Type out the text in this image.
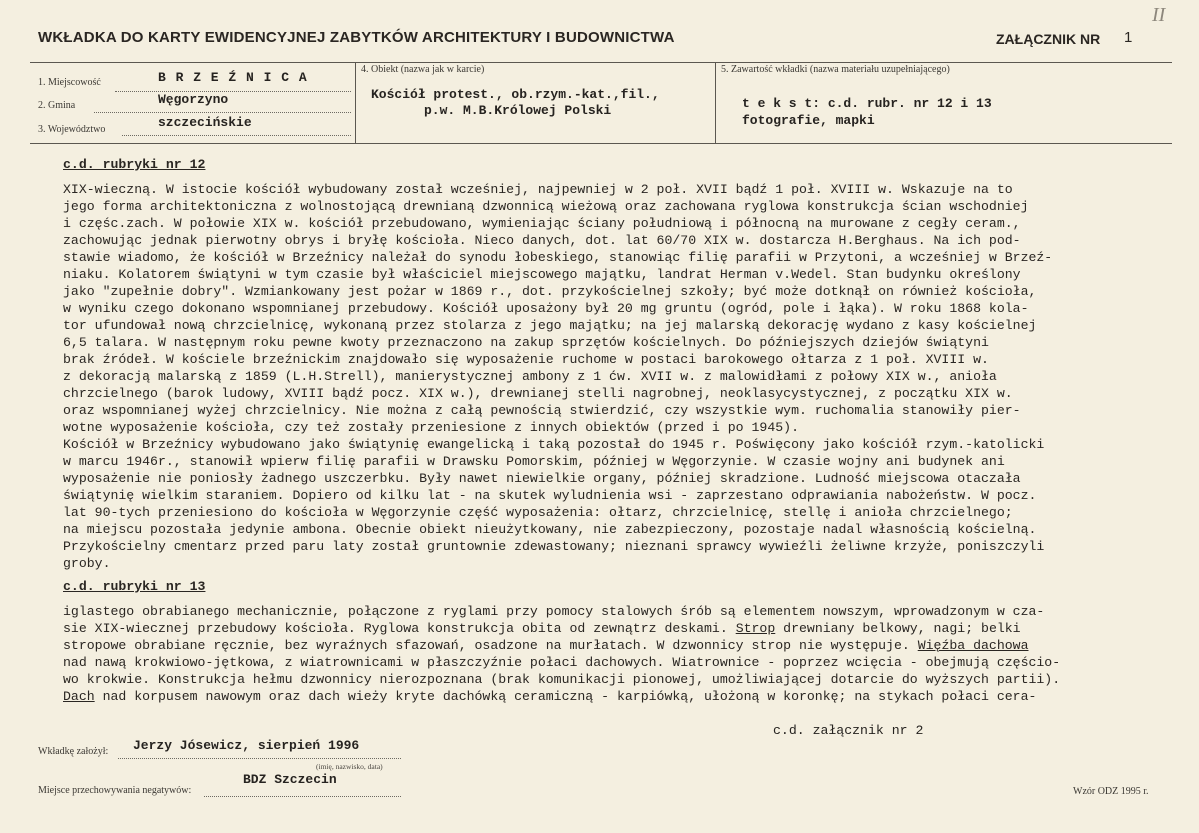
WKŁADKA DO KARTY EWIDENCYJNEJ ZABYTKÓW ARCHITEKTURY I BUDOWNICTWA	ZAŁĄCZNIK NR 1
II
1. Miejscowość	B R Z E Ź N I C A
2. Gmina	Węgorzyno
3. Województwo	szczecińskie
4. Obiekt (nazwa jak w karcie)
Kościół protest., ob.rzym.-kat.,fil.,
p.w. M.B.Królowej Polski
5. Zawartość wkładki (nazwa materiału uzupełniającego)
t e k s t: c.d. rubr. nr 12 i 13
fotografie, mapki
c.d. rubryki nr 12
XIX-wieczną. W istocie kościół wybudowany został wcześniej, najpewniej w 2 poł. XVII bądź 1 poł. XVIII w. Wskazuje na to
jego forma architektoniczna z wolnostojącą drewnianą dzwonnicą wieżową oraz zachowana ryglowa konstrukcja ścian wschodniej
i częśc.zach. W połowie XIX w. kościół przebudowano, wymieniając ściany południową i północną na murowane z cegły ceram.,
zachowując jednak pierwotny obrys i bryłę kościoła. Nieco danych, dot. lat 60/70 XIX w. dostarcza H.Berghaus. Na ich pod-
stawie wiadomo, że kościół w Brzeźnicy należał do synodu łobeskiego, stanowiąc filię parafii w Przytoni, a wcześniej w Brzeź-
niaku. Kolatorem świątyni w tym czasie był właściciel miejscowego majątku, landrat Herman v.Wedel. Stan budynku określony
jako "zupełnie dobry". Wzmiankowany jest pożar w 1869 r., dot. przykościelnej szkoły; być może dotknął on również kościoła,
w wyniku czego dokonano wspomnianej przebudowy. Kościół uposażony był 20 mg gruntu (ogród, pole i łąka). W roku 1868 kola-
tor ufundował nową chrzcielnicę, wykonaną przez stolarza z jego majątku; na jej malarską dekorację wydano z kasy kościelnej
6,5 talara. W następnym roku pewne kwoty przeznaczono na zakup sprzętów kościelnych. Do późniejszych dziejów świątyni
brak źródeł. W kościele brzeźnickim znajdowało się wyposażenie ruchome w postaci barokowego ołtarza z 1 poł. XVIII w.
z dekoracją malarską z 1859 (L.H.Strell), manierystycznej ambony z 1 ćw. XVII w. z malowidłami z połowy XIX w., anioła
chrzcielnego (barok ludowy, XVIII bądź pocz. XIX w.), drewnianej stelli nagrobnej, neoklasycystycznej, z początku XIX w.
oraz wspomnianej wyżej chrzcielnicy. Nie można z całą pewnością stwierdzić, czy wszystkie wym. ruchomalia stanowiły pier-
wotne wyposażenie kościoła, czy też zostały przeniesione z innych obiektów (przed i po 1945).
Kościół w Brzeźnicy wybudowano jako świątynię ewangelicką i taką pozostał do 1945 r. Poświęcony jako kościół rzym.-katolicki
w marcu 1946r., stanowił wpierw filię parafii w Drawsku Pomorskim, później w Węgorzynie. W czasie wojny ani budynek ani
wyposażenie nie poniosły żadnego uszczerbku. Były nawet niewielkie organy, później skradzione. Ludność miejscowa otaczała
świątynię wielkim staraniem. Dopiero od kilku lat - na skutek wyludnienia wsi - zaprzestano odprawiania nabożeństw. W pocz.
lat 90-tych przeniesiono do kościoła w Węgorzynie część wyposażenia: ołtarz, chrzcielnicę, stellę i anioła chrzcielnego;
na miejscu pozostała jedynie ambona. Obecnie obiekt nieużytkowany, nie zabezpieczony, pozostaje nadal własnością kościelną.
Przykościelny cmentarz przed paru laty został gruntownie zdewastowany; nieznani sprawcy wywieźli żeliwne krzyże, poniszczyli
groby.
c.d. rubryki nr 13
iglastego obrabianego mechanicznie, połączone z ryglami przy pomocy stalowych śrób są elementem nowszym, wprowadzonym w cza-
sie XIX-wiecznej przebudowy kościoła. Ryglowa konstrukcja obita od zewnątrz deskami. Strop drewniany belkowy, nagi; belki
stropowe obrabiane ręcznie, bez wyraźnych sfazowań, osadzone na murłatach. W dzwonnicy strop nie występuje. Więźba dachowa
nad nawą krokwiowo-jętkowa, z wiatrownicami w płaszczyźnie połaci dachowych. Wiatrownice - poprzez wcięcia - obejmują częścio-
wo krokwie. Konstrukcja hełmu dzwonnicy nierozpoznana (brak komunikacji pionowej, umożliwiającej dotarcie do wyższych partii).
Dach nad korpusem nawowym oraz dach wieży kryte dachówką ceramiczną - karpiówką, ułożoną w koronkę; na stykach połaci cera-
c.d. załącznik nr 2
Wkładkę założył: Jerzy Jósewicz, sierpień 1996
(imię, nazwisko, data)
Miejsce przechowywania negatywów:
BDZ Szczecin
Wzór ODZ 1995 r.
